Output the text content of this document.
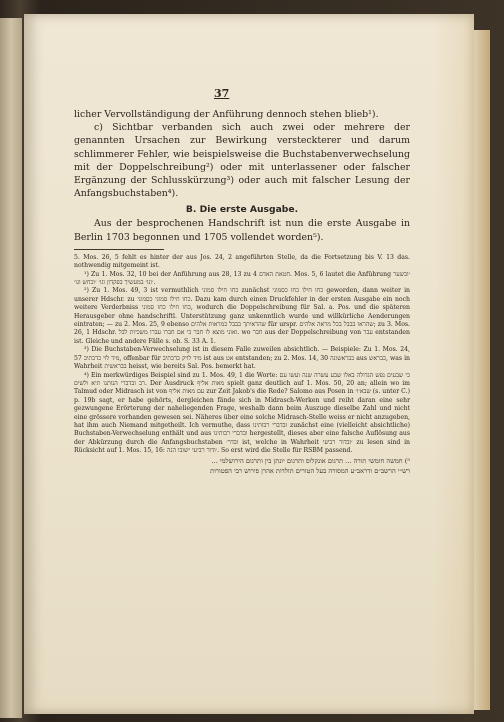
37

licher Vervollständigung der Anführung dennoch stehen blieb¹).

c) Sichtbar verbanden sich auch zwei oder mehrere der genannten Ursachen zur Bewirkung versteckterer und darum schlimmerer Fehler, wie beispielsweise die Buchstabenverwechselung mit der Doppelschreibung²) oder mit unterlassener oder falscher Ergänzung der Schlusskürzung³) oder auch mit falscher Lesung der Anfangsbuchstaben⁴).

B. Die erste Ausgabe.

Aus der besprochenen Handschrift ist nun die erste Ausgabe in Berlin 1703 begonnen und 1705 vollendet worden⁵).

5. Mos. 26, 5 fehlt es hinter der aus Jos. 24, 2 angeführten Stelle, da die Fortsetzung bis V. 13 das. nothwendig mitgemeint ist.

¹) Zu 1. Mos. 32, 10 bei der Anführung aus 28, 13 zu חטאת האדם 4. Mos. 5, 6 lautet die Anführung ׳ובשער ׳ונו׳ במעשיך בפקדון וגו׳ ׳וכחש וגו׳.

²) Zu 1. Mos. 49, 3 ist vermuthlich כחו חילו סמוני zunächst כחו חילו כחו כסמוני geworden, dann weiter in unserer Hdschr. zu כחו חילו סמוני כסמוני. Dazu kam durch einen Druckfehler in der ersten Ausgabe ein noch weitere Verderbniss כחו חילו כחו סמוני, wodurch die Doppelschreibung für Sal. a. Pos. und die späteren Herausgeber ohne handschriftl. Unterstützung ganz unkenntlich wurde und willkürliche Aenderungen eintraten; — zu 2. Mos. 25, 9 ebenso שהראיתך בבבל כמראות אלהים für urspr. שהראו בבבל בכל מראה אלהים; zu 3. Mos. 26, 1 Hdschr. ואוני מוצא לו חבר כי אם חברו עברו משכיות לבל. wo חבר aus der Doppelschreibung von עבר entstanden ist. Gleiche und andere Fälle s. ob. S. 33 A. 1.

³) Die Buchstaben-Verwechselung ist in diesem Falle zuweilen absichtlich. — Beispiele: Zu 1. Mos. 24, 57 מיד לוי כדכתיב, offenbar für מיד לויק כדכתיב ist aus אט entstanden; zu 2. Mos. 14, 30 כבראשונה aus כבראש, was in Wahrheit בבראשית heisst, wie bereits Sal. Pos. bemerkt hat.

⁴) Ein merkwürdiges Beispiel sind zu 1. Mos. 49, 1 die Worte: כי שבעים נפש הגדולה באלו שבע עשרה שנה ועשו עם רב ובדברי הנותנו תיא ולשים. Der Ausdruck מאות אליף spielt ganz deutlich auf 1. Mos. 50, 20 an; allein wo im Talmud oder Midrasch ist von עם מאות אליף zur Zeit Jakob's die Rede? Salomo aus Posen in שבא׳ו׳ (s. unter C.) p. 19b sagt, er habe gehörts, dergleichen fände sich in Midrasch-Werken und reiht daran eine sehr gezwungene Erörterung der naheliegenden Frage, weshalb dann beim Auszuge dieselbe Zahl und nicht eine grössere vorhanden gewesen sei. Näheres über eine solche Midrasch-Stelle weiss er nicht anzugeben, hat ihm auch Niemand mitgetheilt. Ich vermuthe, dass ובדברי רבותינו zunächst eine (vielleicht absichtliche) Buchstaben-Verwechselung enthält und aus ובדברי רבותינו hergestellt, dieses aber eine falsche Auflösung aus der Abkürzung durch die Anfangsbuchstaben ובדר׳ ist, welche in Wahrheit ׳ובדור רביעי zu lesen sind in Rücksicht auf 1. Mos. 15, 16: ׳ודור רביעי ישובו הנה. So erst wird die Stelle für RSBM passend.

⁵) חמשה חומשי תורה ... תרגום אונקלוס ותרגום יונתן בין ותרגום הירושלמי ...

רש״י הרשב״ם ודראב״ע המסורה בעל הטורים תולדות אהרן פירוש רבי הפטורות
